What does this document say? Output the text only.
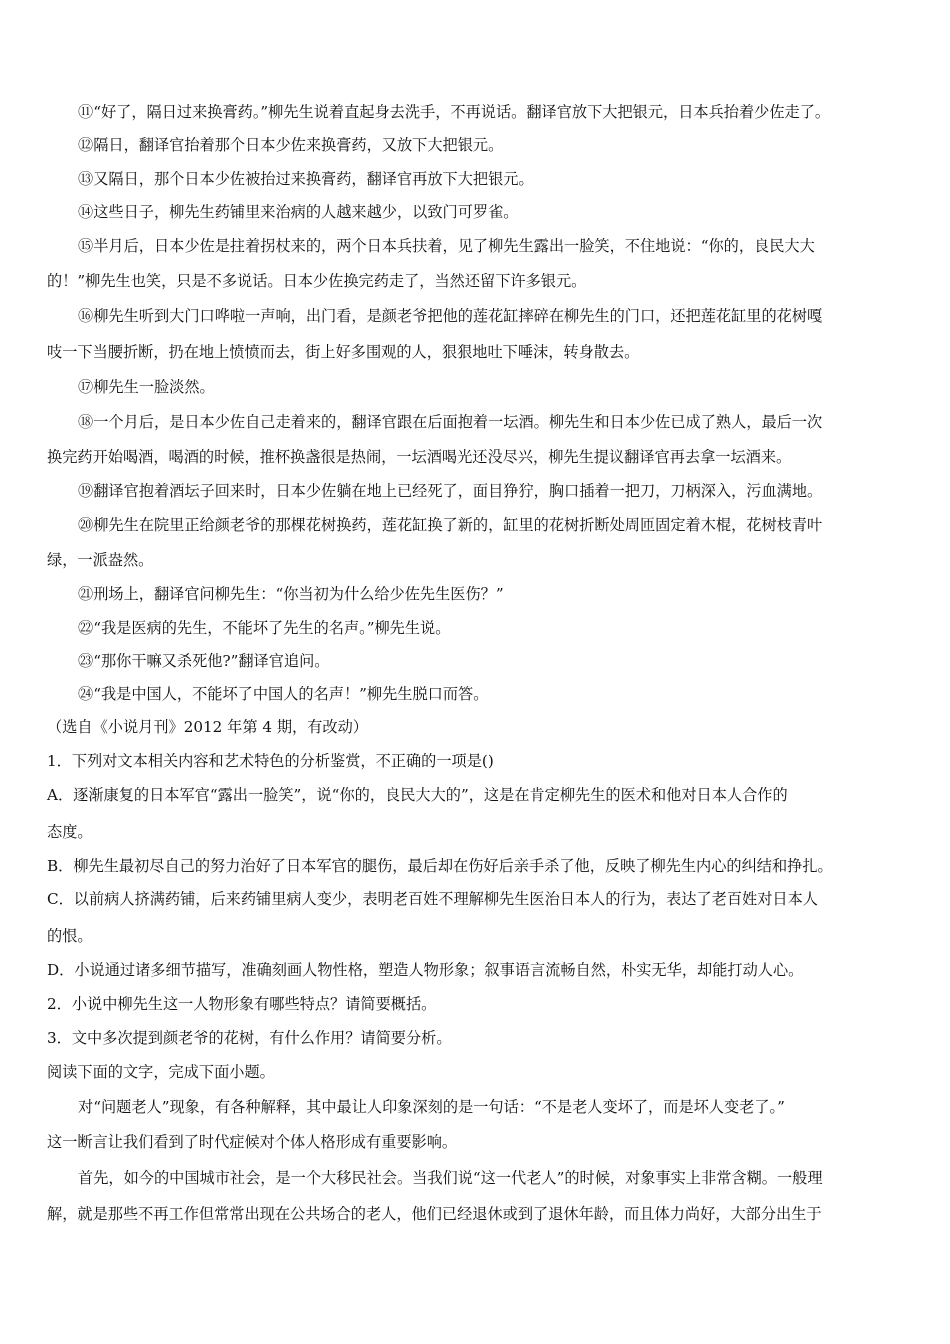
⑪“好了，隔日过来换膏药。”柳先生说着直起身去洗手，不再说话。翻译官放下大把银元，日本兵抬着少佐走了。
⑫隔日，翻译官抬着那个日本少佐来换膏药，又放下大把银元。
⑬又隔日，那个日本少佐被抬过来换膏药，翻译官再放下大把银元。
⑭这些日子，柳先生药铺里来治病的人越来越少，以致门可罗雀。
⑮半月后，日本少佐是拄着拐杖来的，两个日本兵扶着，见了柳先生露出一脸笑，不住地说：“你的，良民大大
的！”柳先生也笑，只是不多说话。日本少佐换完药走了，当然还留下许多银元。
⑯柳先生听到大门口哗啦一声响，出门看，是颜老爷把他的莲花缸摔碎在柳先生的门口，还把莲花缸里的花树嘎
吱一下当腰折断，扔在地上愤愤而去，街上好多围观的人，狠狠地吐下唾沫，转身散去。
⑰柳先生一脸淡然。
⑱一个月后，是日本少佐自己走着来的，翻译官跟在后面抱着一坛酒。柳先生和日本少佐已成了熟人，最后一次
换完药开始喝酒，喝酒的时候，推杯换盏很是热闹，一坛酒喝光还没尽兴，柳先生提议翻译官再去拿一坛酒来。
⑲翻译官抱着酒坛子回来时，日本少佐躺在地上已经死了，面目狰狞，胸口插着一把刀，刀柄深入，污血满地。
⑳柳先生在院里正给颜老爷的那棵花树换药，莲花缸换了新的，缸里的花树折断处周匝固定着木棍，花树枝青叶
绿，一派盎然。
㉑刑场上，翻译官问柳先生：“你当初为什么给少佐先生医伤？”
㉒“我是医病的先生，不能坏了先生的名声。”柳先生说。
㉓“那你干嘛又杀死他?”翻译官追问。
㉔“我是中国人，不能坏了中国人的名声！”柳先生脱口而答。
（选自《小说月刊》2012 年第 4 期，有改动）
1．下列对文本相关内容和艺术特色的分析鉴赏，不正确的一项是()
A．逐渐康复的日本军官“露出一脸笑”，说“你的，良民大大的”，这是在肯定柳先生的医术和他对日本人合作的
态度。
B．柳先生最初尽自己的努力治好了日本军官的腿伤，最后却在伤好后亲手杀了他，反映了柳先生内心的纠结和挣扎。
C．以前病人挤满药铺，后来药铺里病人变少，表明老百姓不理解柳先生医治日本人的行为，表达了老百姓对日本人
的恨。
D．小说通过诸多细节描写，准确刻画人物性格，塑造人物形象；叙事语言流畅自然，朴实无华，却能打动人心。
2．小说中柳先生这一人物形象有哪些特点？请简要概括。
3．文中多次提到颜老爷的花树，有什么作用？请简要分析。
阅读下面的文字，完成下面小题。
对“问题老人”现象，有各种解释，其中最让人印象深刻的是一句话：“不是老人变坏了，而是坏人变老了。”
这一断言让我们看到了时代症候对个体人格形成有重要影响。
首先，如今的中国城市社会，是一个大移民社会。当我们说“这一代老人”的时候，对象事实上非常含糊。一般理
解，就是那些不再工作但常常出现在公共场合的老人，他们已经退休或到了退休年龄，而且体力尚好，大部分出生于
